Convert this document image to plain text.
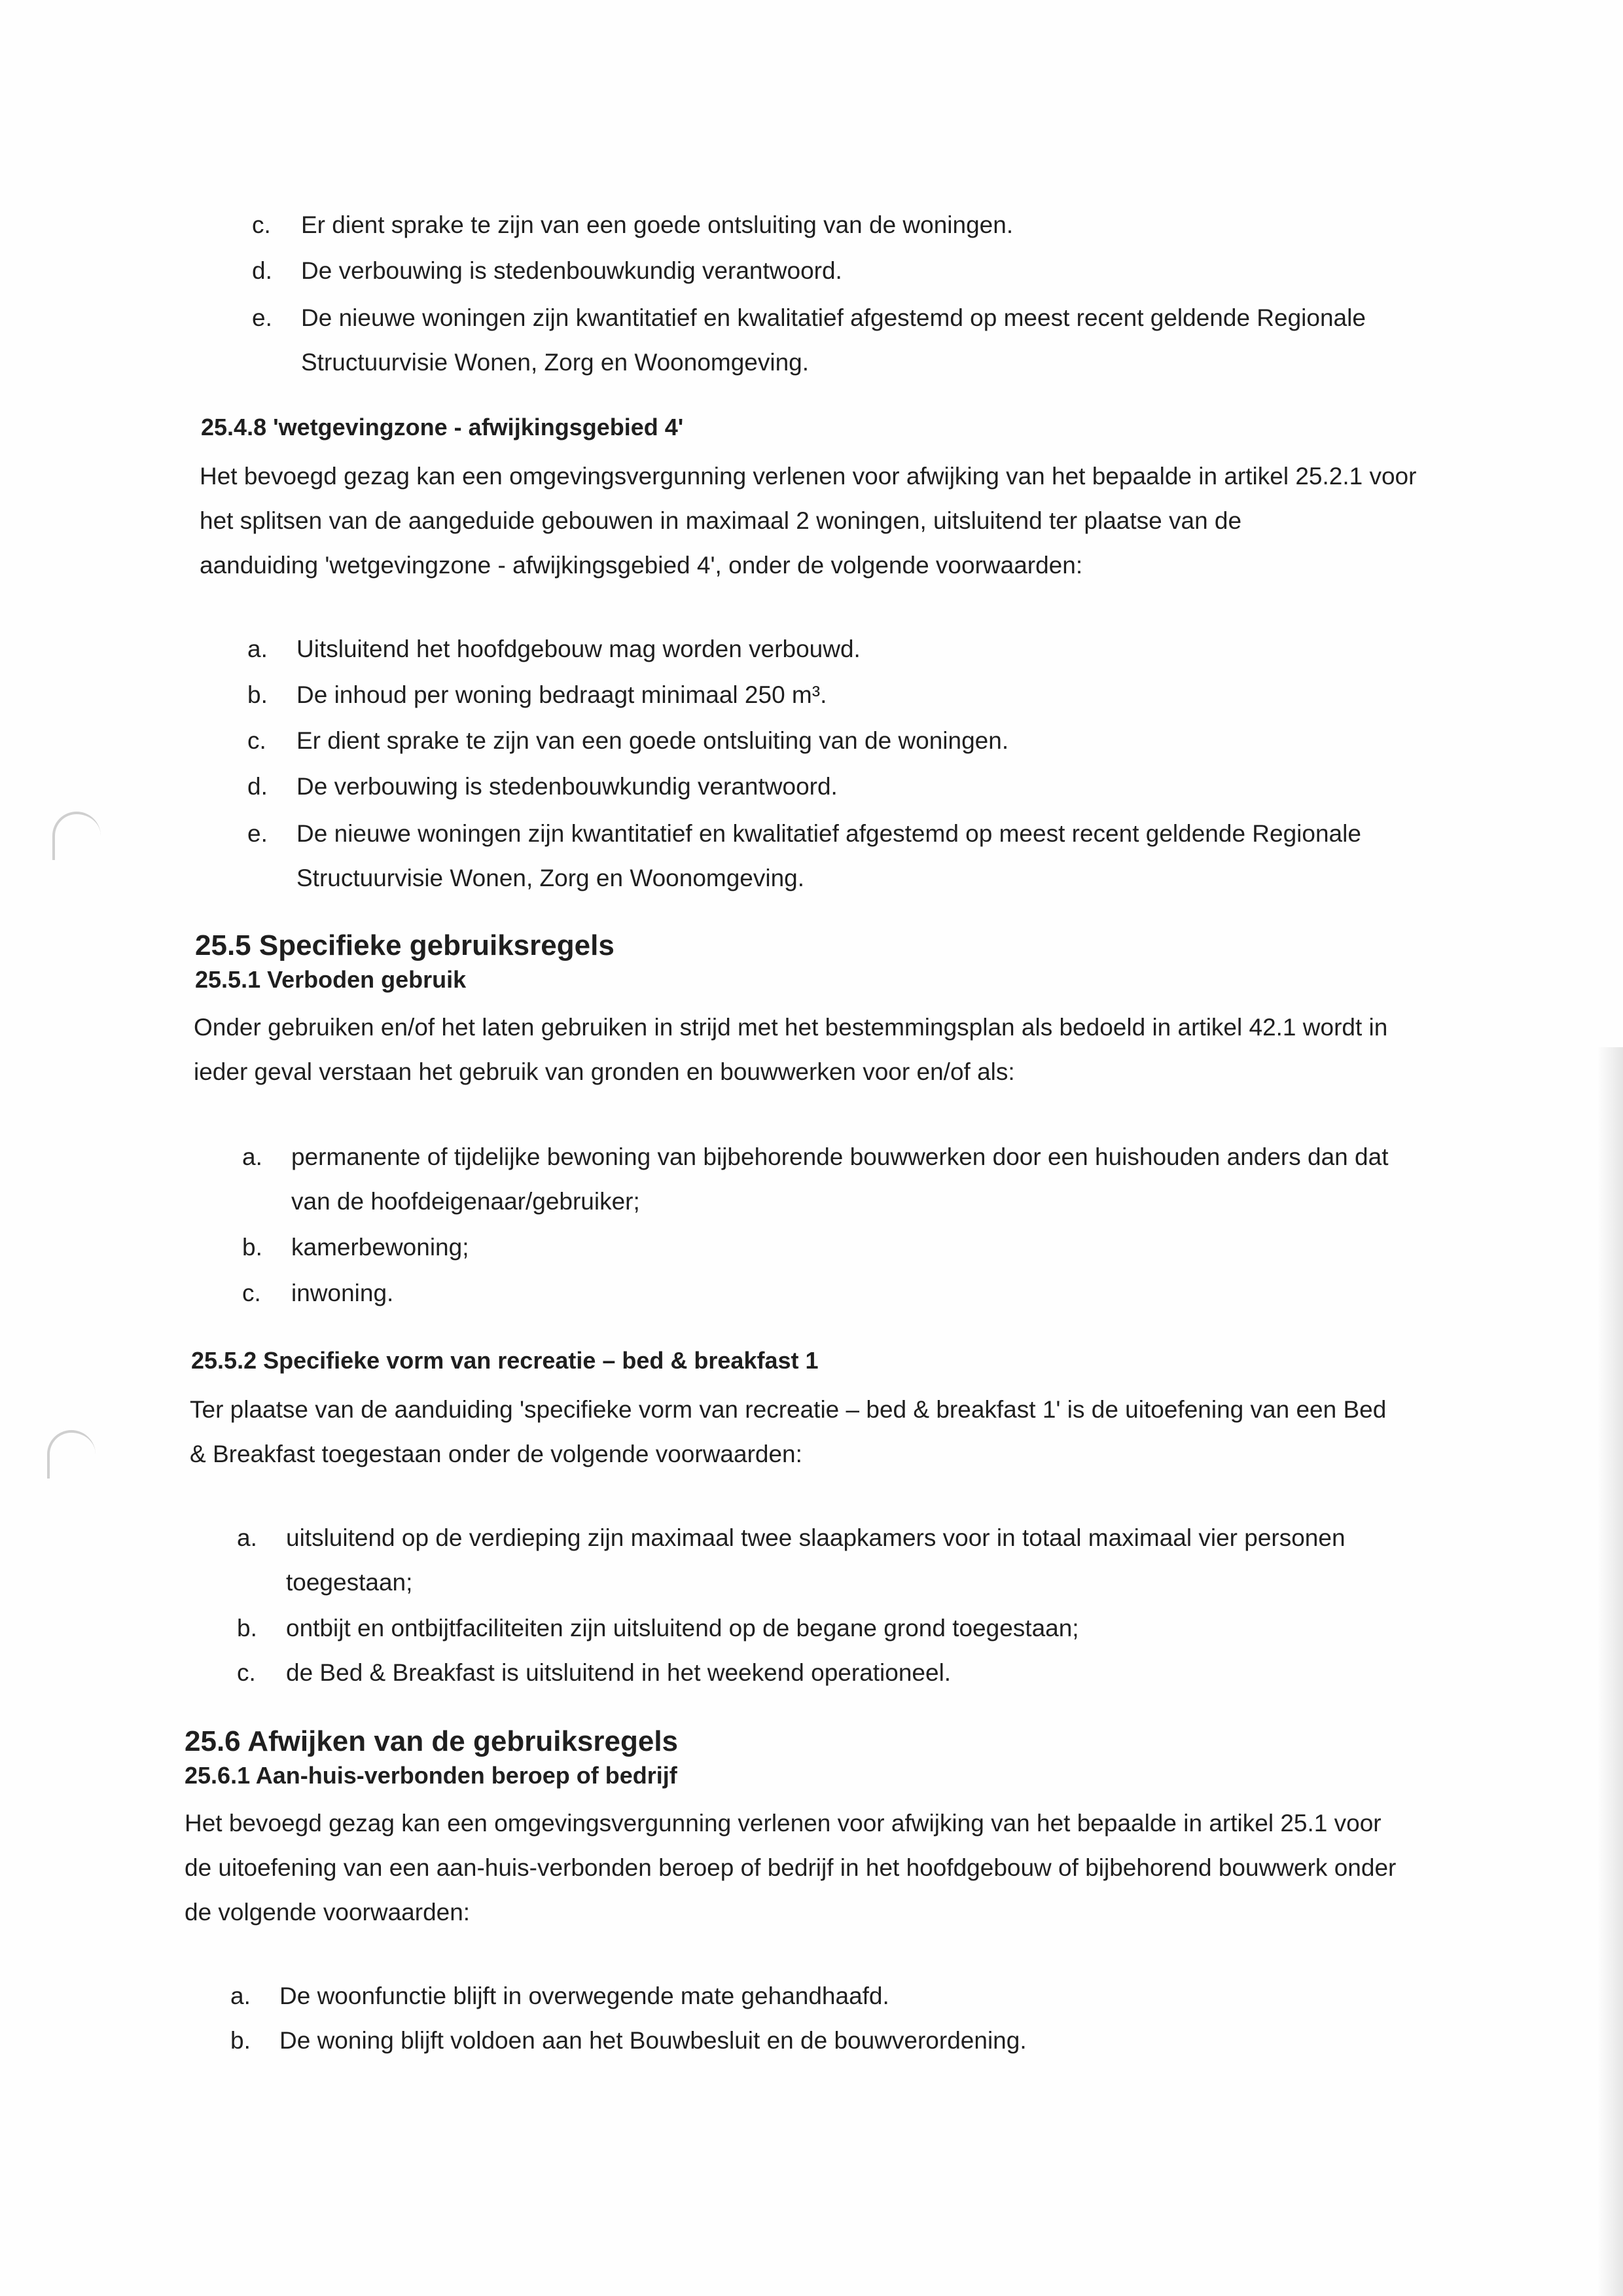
c. Er dient sprake te zijn van een goede ontsluiting van de woningen.
d. De verbouwing is stedenbouwkundig verantwoord.
e. De nieuwe woningen zijn kwantitatief en kwalitatief afgestemd op meest recent geldende Regionale
Structuurvisie Wonen, Zorg en Woonomgeving.
25.4.8 'wetgevingzone - afwijkingsgebied 4'
Het bevoegd gezag kan een omgevingsvergunning verlenen voor afwijking van het bepaalde in artikel 25.2.1 voor
het splitsen van de aangeduide gebouwen in maximaal 2 woningen, uitsluitend ter plaatse van de
aanduiding 'wetgevingzone - afwijkingsgebied 4', onder de volgende voorwaarden:
a. Uitsluitend het hoofdgebouw mag worden verbouwd.
b. De inhoud per woning bedraagt minimaal 250 m³.
c. Er dient sprake te zijn van een goede ontsluiting van de woningen.
d. De verbouwing is stedenbouwkundig verantwoord.
e. De nieuwe woningen zijn kwantitatief en kwalitatief afgestemd op meest recent geldende Regionale
Structuurvisie Wonen, Zorg en Woonomgeving.
25.5 Specifieke gebruiksregels
25.5.1 Verboden gebruik
Onder gebruiken en/of het laten gebruiken in strijd met het bestemmingsplan als bedoeld in artikel 42.1 wordt in
ieder geval verstaan het gebruik van gronden en bouwwerken voor en/of als:
a. permanente of tijdelijke bewoning van bijbehorende bouwwerken door een huishouden anders dan dat
van de hoofdeigenaar/gebruiker;
b. kamerbewoning;
c. inwoning.
25.5.2 Specifieke vorm van recreatie – bed & breakfast 1
Ter plaatse van de aanduiding 'specifieke vorm van recreatie – bed & breakfast 1' is de uitoefening van een Bed
& Breakfast toegestaan onder de volgende voorwaarden:
a. uitsluitend op de verdieping zijn maximaal twee slaapkamers voor in totaal maximaal vier personen
toegestaan;
b. ontbijt en ontbijtfaciliteiten zijn uitsluitend op de begane grond toegestaan;
c. de Bed & Breakfast is uitsluitend in het weekend operationeel.
25.6 Afwijken van de gebruiksregels
25.6.1 Aan-huis-verbonden beroep of bedrijf
Het bevoegd gezag kan een omgevingsvergunning verlenen voor afwijking van het bepaalde in artikel 25.1 voor
de uitoefening van een aan-huis-verbonden beroep of bedrijf in het hoofdgebouw of bijbehorend bouwwerk onder
de volgende voorwaarden:
a. De woonfunctie blijft in overwegende mate gehandhaafd.
b. De woning blijft voldoen aan het Bouwbesluit en de bouwverordening.
